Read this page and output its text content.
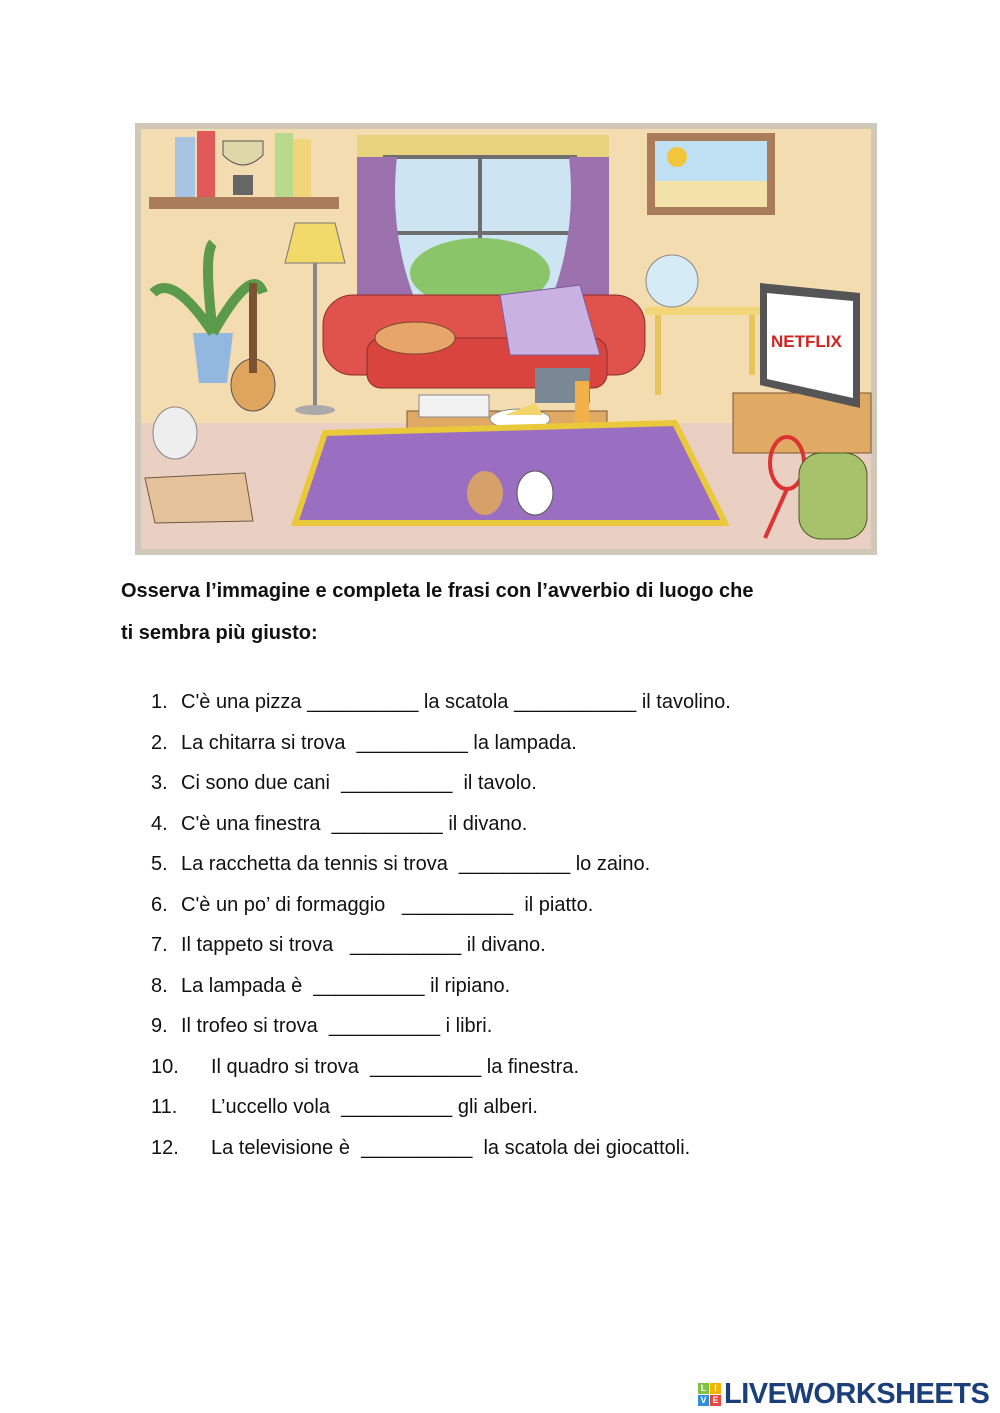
NETFLIX
Osserva l’immagine e completa le frasi con l’avverbio di luogo che
ti sembra più giusto:
1. C'è una pizza __________ la scatola ___________ il tavolino.
2. La chitarra si trova  __________ la lampada.
3. Ci sono due cani  __________  il tavolo.
4. C'è una finestra  __________ il divano.
5. La racchetta da tennis si trova  __________ lo zaino.
6. C'è un po’ di formaggio   __________  il piatto.
7. Il tappeto si trova   __________ il divano.
8. La lampada è  __________ il ripiano.
9. Il trofeo si trova  __________ i libri.
10. Il quadro si trova  __________ la finestra.
11. L’uccello vola  __________ gli alberi.
12. La televisione è  __________  la scatola dei giocattoli.
L I
V E LIVEWORKSHEETS
